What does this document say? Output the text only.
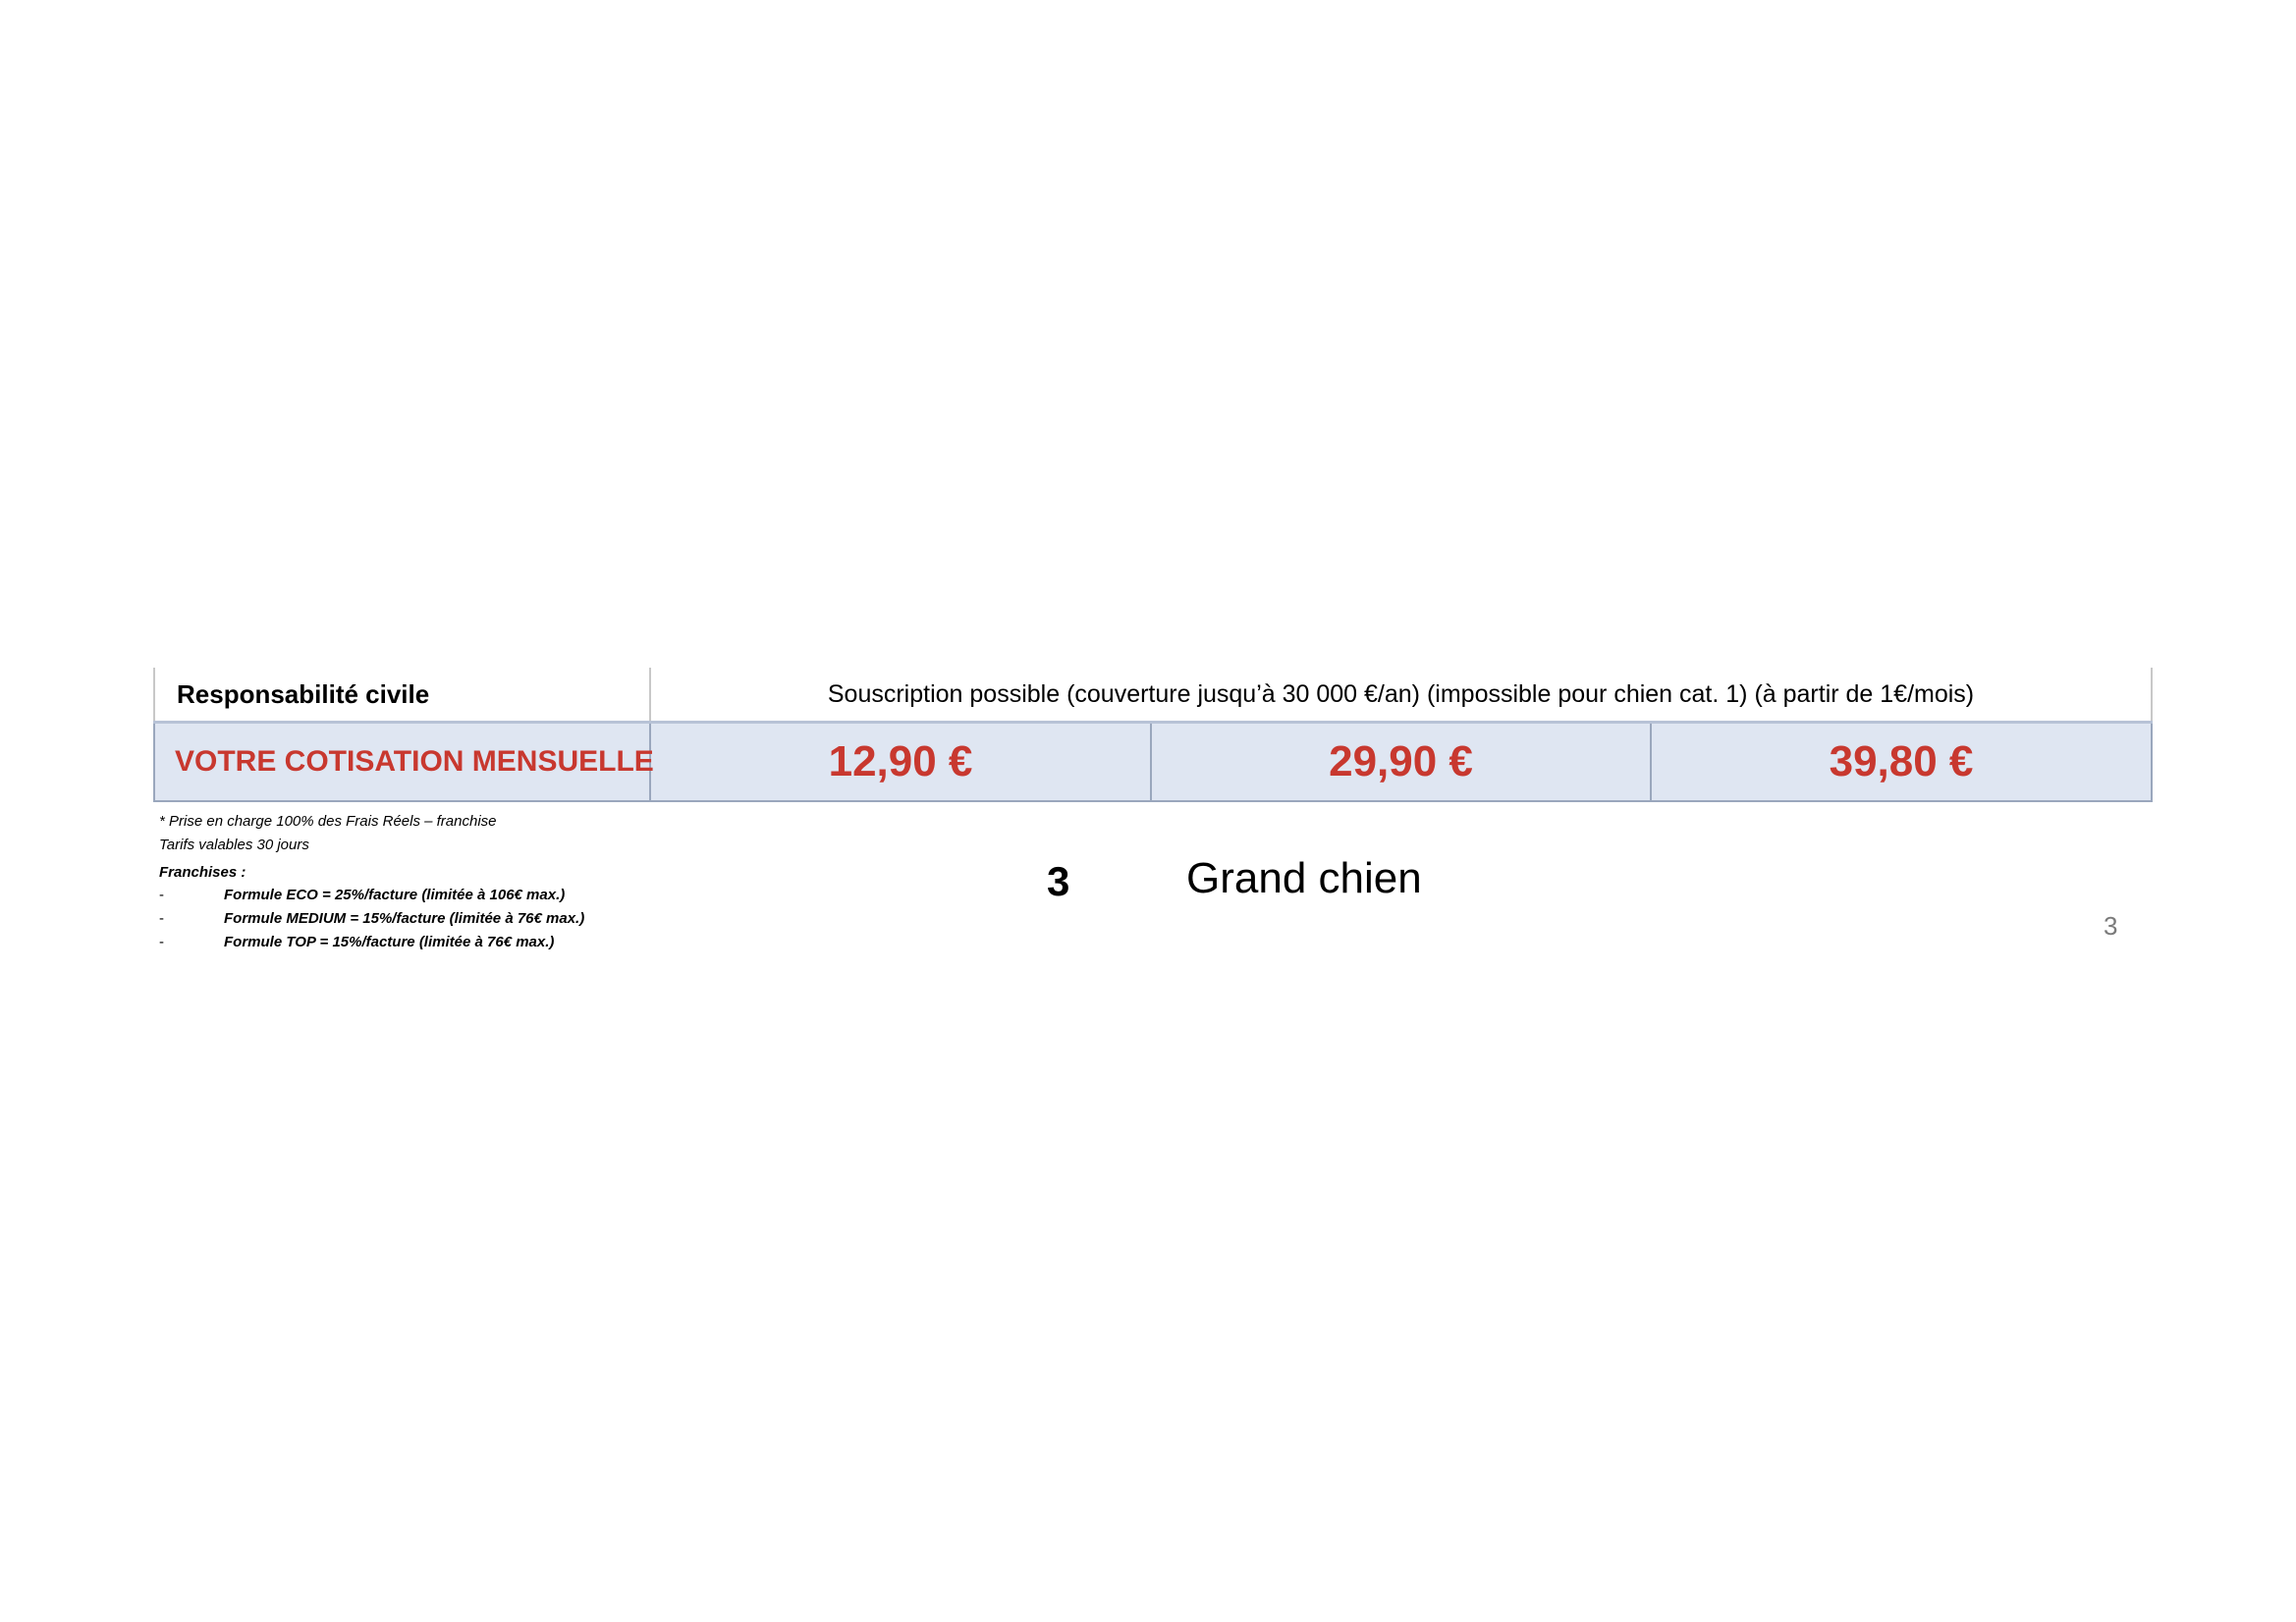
Responsabilité civile	Souscription possible (couverture jusqu’à 30 000 €/an) (impossible pour chien cat. 1) (à partir de 1€/mois)		
VOTRE COTISATION MENSUELLE	12,90 €	29,90 €	39,80 €
* Prise en charge 100% des Frais Réels – franchise
Tarifs valables 30 jours
Franchises :
-	Formule ECO = 25%/facture (limitée à 106€ max.)
-	Formule MEDIUM = 15%/facture (limitée à 76€ max.)
-	Formule TOP = 15%/facture (limitée à 76€ max.)
3	Grand chien
3
